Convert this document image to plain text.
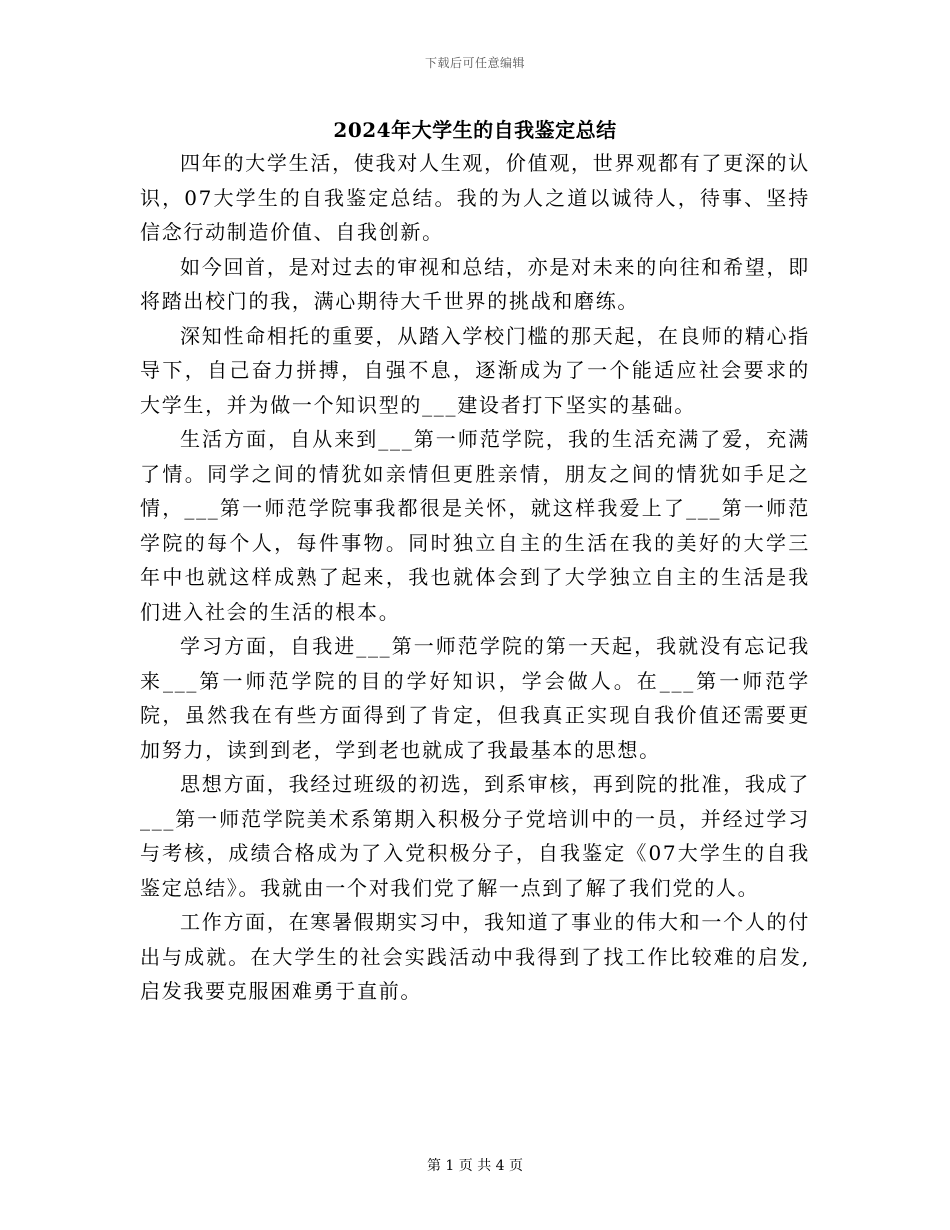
下载后可任意编辑
2024年大学生的自我鉴定总结

四年的大学生活，使我对人生观，价值观，世界观都有了更深的认识，07大学生的自我鉴定总结。我的为人之道以诚待人，待事、坚持信念行动制造价值、自我创新。

如今回首，是对过去的审视和总结，亦是对未来的向往和希望，即将踏出校门的我，满心期待大千世界的挑战和磨练。

深知性命相托的重要，从踏入学校门槛的那天起，在良师的精心指导下，自己奋力拼搏，自强不息，逐渐成为了一个能适应社会要求的大学生，并为做一个知识型的___建设者打下坚实的基础。

生活方面，自从来到___第一师范学院，我的生活充满了爱，充满了情。同学之间的情犹如亲情但更胜亲情，朋友之间的情犹如手足之情，___第一师范学院事我都很是关怀，就这样我爱上了___第一师范学院的每个人，每件事物。同时独立自主的生活在我的美好的大学三年中也就这样成熟了起来，我也就体会到了大学独立自主的生活是我们进入社会的生活的根本。

学习方面，自我进___第一师范学院的第一天起，我就没有忘记我来___第一师范学院的目的学好知识，学会做人。在___第一师范学院，虽然我在有些方面得到了肯定，但我真正实现自我价值还需要更加努力，读到到老，学到老也就成了我最基本的思想。

思想方面，我经过班级的初选，到系审核，再到院的批准，我成了___第一师范学院美术系第期入积极分子党培训中的一员，并经过学习与考核，成绩合格成为了入党积极分子，自我鉴定《07大学生的自我鉴定总结》。我就由一个对我们党了解一点到了解了我们党的人。

工作方面，在寒暑假期实习中，我知道了事业的伟大和一个人的付出与成就。在大学生的社会实践活动中我得到了找工作比较难的启发,启发我要克服困难勇于直前。

第 1 页 共 4 页
